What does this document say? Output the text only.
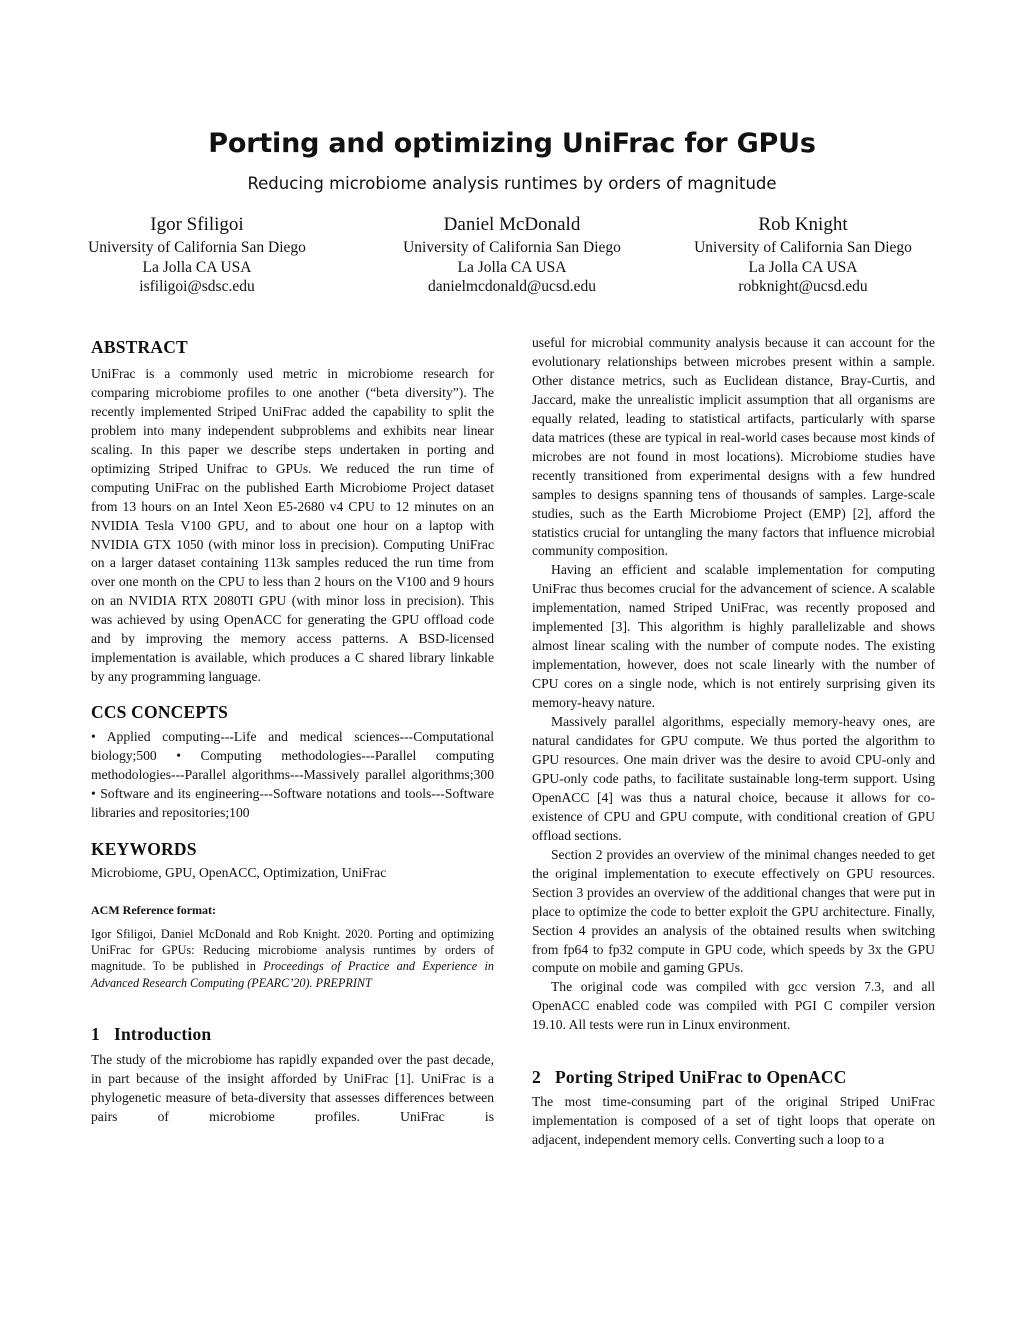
Porting and optimizing UniFrac for GPUs
Reducing microbiome analysis runtimes by orders of magnitude
Igor Sfiligoi
University of California San Diego
La Jolla CA USA
isfiligoi@sdsc.edu
Daniel McDonald
University of California San Diego
La Jolla CA USA
danielmcdonald@ucsd.edu
Rob Knight
University of California San Diego
La Jolla CA USA
robknight@ucsd.edu
ABSTRACT

UniFrac is a commonly used metric in microbiome research for comparing microbiome profiles to one another (“beta diversity”). The recently implemented Striped UniFrac added the capability to split the problem into many independent subproblems and exhibits near linear scaling. In this paper we describe steps undertaken in porting and optimizing Striped Unifrac to GPUs. We reduced the run time of computing UniFrac on the published Earth Microbiome Project dataset from 13 hours on an Intel Xeon E5-2680 v4 CPU to 12 minutes on an NVIDIA Tesla V100 GPU, and to about one hour on a laptop with NVIDIA GTX 1050 (with minor loss in precision). Computing UniFrac on a larger dataset containing 113k samples reduced the run time from over one month on the CPU to less than 2 hours on the V100 and 9 hours on an NVIDIA RTX 2080TI GPU (with minor loss in precision). This was achieved by using OpenACC for generating the GPU offload code and by improving the memory access patterns. A BSD-licensed implementation is available, which produces a C shared library linkable by any programming language.

CCS CONCEPTS

• Applied computing---Life and medical sciences---Computational biology;500 • Computing methodologies---Parallel computing methodologies---Parallel algorithms---Massively parallel algorithms;300 • Software and its engineering---Software notations and tools---Software libraries and repositories;100

KEYWORDS

Microbiome, GPU, OpenACC, Optimization, UniFrac

ACM Reference format:

Igor Sfiligoi, Daniel McDonald and Rob Knight. 2020. Porting and optimizing UniFrac for GPUs: Reducing microbiome analysis runtimes by orders of magnitude. To be published in Proceedings of Practice and Experience in Advanced Research Computing (PEARC’20). PREPRINT

1 Introduction

The study of the microbiome has rapidly expanded over the past decade, in part because of the insight afforded by UniFrac [1]. UniFrac is a phylogenetic measure of beta-diversity that assesses differences between pairs of microbiome profiles. UniFrac is

useful for microbial community analysis because it can account for the evolutionary relationships between microbes present within a sample. Other distance metrics, such as Euclidean distance, Bray-Curtis, and Jaccard, make the unrealistic implicit assumption that all organisms are equally related, leading to statistical artifacts, particularly with sparse data matrices (these are typical in real-world cases because most kinds of microbes are not found in most locations). Microbiome studies have recently transitioned from experimental designs with a few hundred samples to designs spanning tens of thousands of samples. Large-scale studies, such as the Earth Microbiome Project (EMP) [2], afford the statistics crucial for untangling the many factors that influence microbial community composition.

Having an efficient and scalable implementation for computing UniFrac thus becomes crucial for the advancement of science. A scalable implementation, named Striped UniFrac, was recently proposed and implemented [3]. This algorithm is highly parallelizable and shows almost linear scaling with the number of compute nodes. The existing implementation, however, does not scale linearly with the number of CPU cores on a single node, which is not entirely surprising given its memory-heavy nature.

Massively parallel algorithms, especially memory-heavy ones, are natural candidates for GPU compute. We thus ported the algorithm to GPU resources. One main driver was the desire to avoid CPU-only and GPU-only code paths, to facilitate sustainable long-term support. Using OpenACC [4] was thus a natural choice, because it allows for co-existence of CPU and GPU compute, with conditional creation of GPU offload sections.

Section 2 provides an overview of the minimal changes needed to get the original implementation to execute effectively on GPU resources. Section 3 provides an overview of the additional changes that were put in place to optimize the code to better exploit the GPU architecture. Finally, Section 4 provides an analysis of the obtained results when switching from fp64 to fp32 compute in GPU code, which speeds by 3x the GPU compute on mobile and gaming GPUs.

The original code was compiled with gcc version 7.3, and all OpenACC enabled code was compiled with PGI C compiler version 19.10. All tests were run in Linux environment.

2 Porting Striped UniFrac to OpenACC

The most time-consuming part of the original Striped UniFrac implementation is composed of a set of tight loops that operate on adjacent, independent memory cells. Converting such a loop to a
